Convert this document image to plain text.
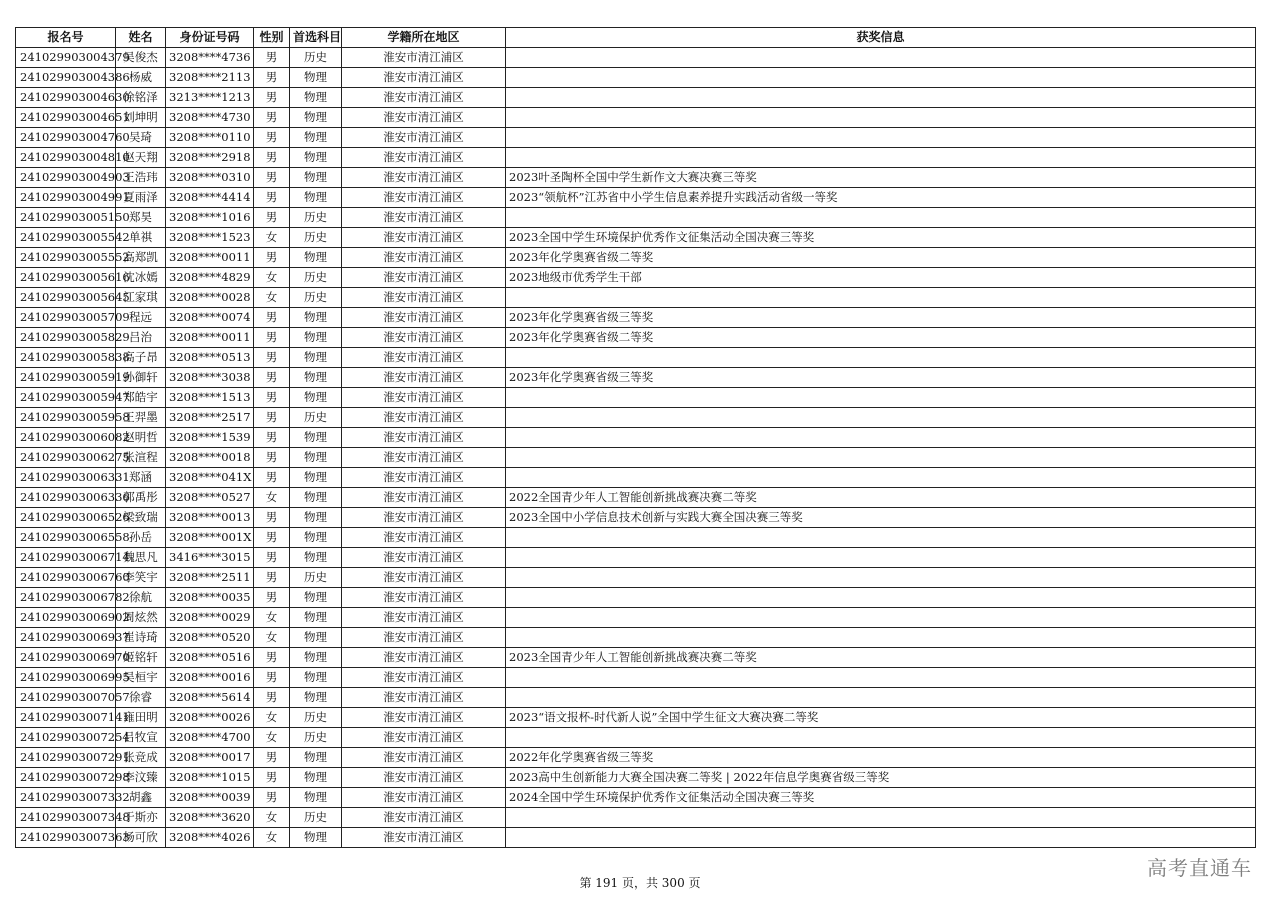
报名号	姓名	身份证号码	性别	首选科目	学籍所在地区	获奖信息
241029903004379	吴俊杰	3208****4736	男	历史	淮安市清江浦区	
241029903004386	杨威	3208****2113	男	物理	淮安市清江浦区	
241029903004630	徐铭泽	3213****1213	男	物理	淮安市清江浦区	
241029903004651	刘坤明	3208****4730	男	物理	淮安市清江浦区	
241029903004760	吴琦	3208****0110	男	物理	淮安市清江浦区	
241029903004810	赵天翔	3208****2918	男	物理	淮安市清江浦区	
241029903004903	王浩玮	3208****0310	男	物理	淮安市清江浦区	2023叶圣陶杯全国中学生新作文大赛决赛三等奖
241029903004991	夏雨泽	3208****4414	男	物理	淮安市清江浦区	2023“领航杯”江苏省中小学生信息素养提升实践活动省级一等奖
241029903005150	郑昊	3208****1016	男	历史	淮安市清江浦区	
241029903005542	单祺	3208****1523	女	历史	淮安市清江浦区	2023全国中学生环境保护优秀作文征集活动全国决赛三等奖
241029903005552	高郑凯	3208****0011	男	物理	淮安市清江浦区	2023年化学奥赛省级二等奖
241029903005616	沈冰嫣	3208****4829	女	历史	淮安市清江浦区	2023地级市优秀学生干部
241029903005645	江家琪	3208****0028	女	历史	淮安市清江浦区	
241029903005709	程远	3208****0074	男	物理	淮安市清江浦区	2023年化学奥赛省级三等奖
241029903005829	吕治	3208****0011	男	物理	淮安市清江浦区	2023年化学奥赛省级二等奖
241029903005838	高子昂	3208****0513	男	物理	淮安市清江浦区	
241029903005919	孙御轩	3208****3038	男	物理	淮安市清江浦区	2023年化学奥赛省级三等奖
241029903005947	郑皓宇	3208****1513	男	物理	淮安市清江浦区	
241029903005958	王羿墨	3208****2517	男	历史	淮安市清江浦区	
241029903006082	赵明哲	3208****1539	男	物理	淮安市清江浦区	
241029903006275	张渲程	3208****0018	男	物理	淮安市清江浦区	
241029903006331	郑涵	3208****041X	男	物理	淮安市清江浦区	
241029903006336	郭禹彤	3208****0527	女	物理	淮安市清江浦区	2022全国青少年人工智能创新挑战赛决赛二等奖
241029903006526	梁致瑞	3208****0013	男	物理	淮安市清江浦区	2023全国中小学信息技术创新与实践大赛全国决赛三等奖
241029903006558	孙岳	3208****001X	男	物理	淮安市清江浦区	
241029903006714	魏思凡	3416****3015	男	物理	淮安市清江浦区	
241029903006760	李笑宇	3208****2511	男	历史	淮安市清江浦区	
241029903006782	徐航	3208****0035	男	物理	淮安市清江浦区	
241029903006902	周炫然	3208****0029	女	物理	淮安市清江浦区	
241029903006937	崔诗琦	3208****0520	女	物理	淮安市清江浦区	
241029903006970	姬铭轩	3208****0516	男	物理	淮安市清江浦区	2023全国青少年人工智能创新挑战赛决赛二等奖
241029903006995	吴桓宇	3208****0016	男	物理	淮安市清江浦区	
241029903007057	徐睿	3208****5614	男	物理	淮安市清江浦区	
241029903007141	雍田明	3208****0026	女	历史	淮安市清江浦区	2023“语文报杯-时代新人说”全国中学生征文大赛决赛二等奖
241029903007254	吕牧宣	3208****4700	女	历史	淮安市清江浦区	
241029903007291	张竞成	3208****0017	男	物理	淮安市清江浦区	2022年化学奥赛省级三等奖
241029903007298	李汶臻	3208****1015	男	物理	淮安市清江浦区	2023高中生创新能力大赛全国决赛二等奖 | 2022年信息学奥赛省级三等奖
241029903007332	胡鑫	3208****0039	男	物理	淮安市清江浦区	2024全国中学生环境保护优秀作文征集活动全国决赛三等奖
241029903007348	于斯亦	3208****3620	女	历史	淮安市清江浦区	
241029903007363	杨可欣	3208****4026	女	物理	淮安市清江浦区	
第 191 页，共 300 页
高考直通车
